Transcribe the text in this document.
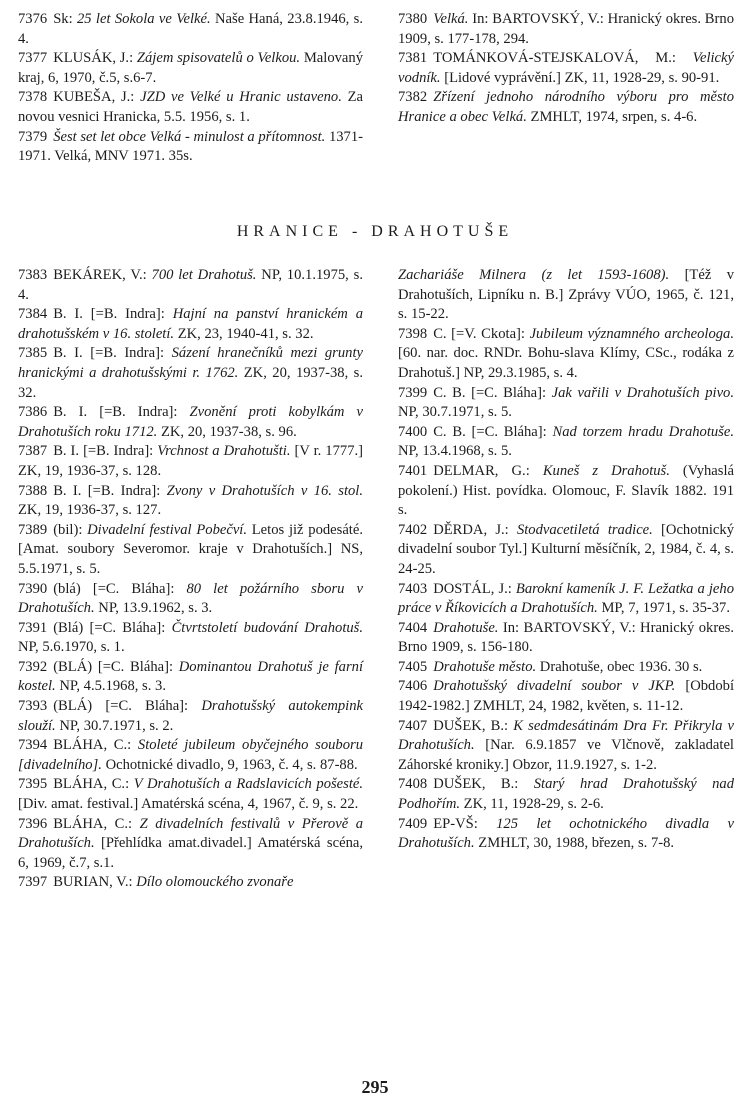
7376 Sk: 25 let Sokola ve Velké. Naše Haná, 23.8.1946, s. 4.
7377 KLUSÁK, J.: Zájem spisovatelů o Velkou. Malovaný kraj, 6, 1970, č.5, s.6-7.
7378 KUBEŠA, J.: JZD ve Velké u Hranic ustaveno. Za novou vesnici Hranicka, 5.5. 1956, s. 1.
7379 Šest set let obce Velká - minulost a přítomnost. 1371-1971. Velká, MNV 1971. 35s.
7380 Velká. In: BARTOVSKÝ, V.: Hranický okres. Brno 1909, s. 177-178, 294.
7381 TOMÁNKOVÁ-STEJSKALOVÁ, M.: Velický vodník. [Lidové vyprávění.] ZK, 11, 1928-29, s. 90-91.
7382 Zřízení jednoho národního výboru pro město Hranice a obec Velká. ZMHLT, 1974, srpen, s. 4-6.
HRANICE - DRAHOTUŠE
7383 BEKÁREK, V.: 700 let Drahotuš. NP, 10.1.1975, s. 4.
7384 B. I. [=B. Indra]: Hajní na panství hranickém a drahotušském v 16. století. ZK, 23, 1940-41, s. 32.
7385 B. I. [=B. Indra]: Sázení hranečníků mezi grunty hranickými a drahotušskými r. 1762. ZK, 20, 1937-38, s. 32.
7386 B. I. [=B. Indra]: Zvonění proti kobylkám v Drahotuších roku 1712. ZK, 20, 1937-38, s. 96.
7387 B. I. [=B. Indra]: Vrchnost a Drahotušti. [V r. 1777.] ZK, 19, 1936-37, s. 128.
7388 B. I. [=B. Indra]: Zvony v Drahotuších v 16. stol. ZK, 19, 1936-37, s. 127.
7389 (bil): Divadelní festival Pobečví. Letos již podesáté. [Amat. soubory Severomor. kraje v Drahotuších.] NS, 5.5.1971, s. 5.
7390 (blá) [=C. Bláha]: 80 let požárního sboru v Drahotuších. NP, 13.9.1962, s. 3.
7391 (Blá) [=C. Bláha]: Čtvrtstoletí budování Drahotuš. NP, 5.6.1970, s. 1.
7392 (BLÁ) [=C. Bláha]: Dominantou Drahotuš je farní kostel. NP, 4.5.1968, s. 3.
7393 (BLÁ) [=C. Bláha]: Drahotušský autokempink slouží. NP, 30.7.1971, s. 2.
7394 BLÁHA, C.: Stoleté jubileum obyčejného souboru [divadelního]. Ochotnické divadlo, 9, 1963, č. 4, s. 87-88.
7395 BLÁHA, C.: V Drahotuších a Radslavicích pošesté. [Div. amat. festival.] Amatérská scéna, 4, 1967, č. 9, s. 22.
7396 BLÁHA, C.: Z divadelních festivalů v Přerově a Drahotuších. [Přehlídka amat.divadel.] Amatérská scéna, 6, 1969, č.7, s.1.
7397 BURIAN, V.: Dílo olomouckého zvonaře
Zachariáše Milnera (z let 1593-1608). [Též v Drahotuších, Lipníku n. B.] Zprávy VÚO, 1965, č. 121, s. 15-22.
7398 C. [=V. Ckota]: Jubileum významného archeologa. [60. nar. doc. RNDr. Bohu-slava Klímy, CSc., rodáka z Drahotuš.] NP, 29.3.1985, s. 4.
7399 C. B. [=C. Bláha]: Jak vařili v Drahotuších pivo. NP, 30.7.1971, s. 5.
7400 C. B. [=C. Bláha]: Nad torzem hradu Drahotuše. NP, 13.4.1968, s. 5.
7401 DELMAR, G.: Kuneš z Drahotuš. (Vyhaslá pokolení.) Hist. povídka. Olomouc, F. Slavík 1882. 191 s.
7402 DĚRDA, J.: Stodvacetiletá tradice. [Ochotnický divadelní soubor Tyl.] Kulturní měsíčník, 2, 1984, č. 4, s. 24-25.
7403 DOSTÁL, J.: Barokní kameník J. F. Ležatka a jeho práce v Říkovicích a Drahotuších. MP, 7, 1971, s. 35-37.
7404 Drahotuše. In: BARTOVSKÝ, V.: Hranický okres. Brno 1909, s. 156-180.
7405 Drahotuše město. Drahotuše, obec 1936. 30 s.
7406 Drahotušský divadelní soubor v JKP. [Období 1942-1982.] ZMHLT, 24, 1982, květen, s. 11-12.
7407 DUŠEK, B.: K sedmdesátinám Dra Fr. Přikryla v Drahotuších. [Nar. 6.9.1857 ve Vlčnově, zakladatel Záhorské kroniky.] Obzor, 11.9.1927, s. 1-2.
7408 DUŠEK, B.: Starý hrad Drahotušský nad Podhořím. ZK, 11, 1928-29, s. 2-6.
7409 EP-VŠ: 125 let ochotnického divadla v Drahotuších. ZMHLT, 30, 1988, březen, s. 7-8.
295
